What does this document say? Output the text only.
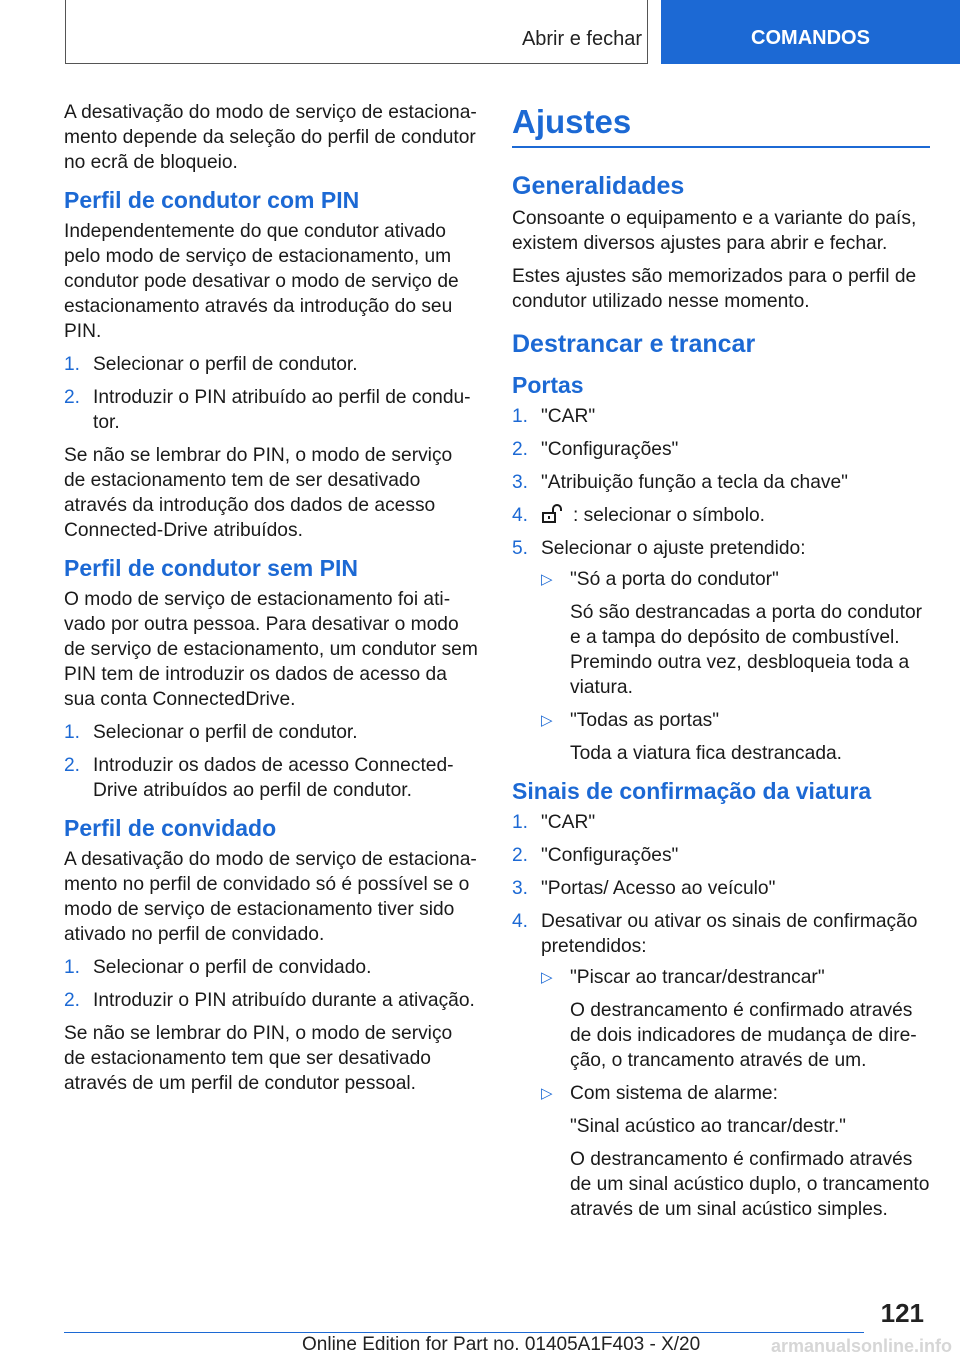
Abrir e fechar	COMANDOS

A desativação do modo de serviço de estaciona-mento depende da seleção do perfil de condutor no ecrã de bloqueio.

Perfil de condutor com PIN

Independentemente do que condutor ativado pelo modo de serviço de estacionamento, um condutor pode desativar o modo de serviço de estacionamento através da introdução do seu PIN.

1. Selecionar o perfil de condutor.
2. Introduzir o PIN atribuído ao perfil de condu-tor.

Se não se lembrar do PIN, o modo de serviço de estacionamento tem de ser desativado através da introdução dos dados de acesso Connected-Drive atribuídos.

Perfil de condutor sem PIN

O modo de serviço de estacionamento foi ati-vado por outra pessoa. Para desativar o modo de serviço de estacionamento, um condutor sem PIN tem de introduzir os dados de acesso da sua conta ConnectedDrive.

1. Selecionar o perfil de condutor.
2. Introduzir os dados de acesso Connected-Drive atribuídos ao perfil de condutor.
Perfil de convidado

A desativação do modo de serviço de estaciona-mento no perfil de convidado só é possível se o modo de serviço de estacionamento tiver sido ativado no perfil de convidado.

1. Selecionar o perfil de convidado.
2. Introduzir o PIN atribuído durante a ativação.

Se não se lembrar do PIN, o modo de serviço de estacionamento tem que ser desativado através de um perfil de condutor pessoal.

Ajustes
Generalidades

Consoante o equipamento e a variante do país, existem diversos ajustes para abrir e fechar.

Estes ajustes são memorizados para o perfil de condutor utilizado nesse momento.

Destrancar e trancar
Portas
1. "CAR"
2. "Configurações"
3. "Atribuição função a tecla da chave"
4. : selecionar o símbolo.
5. Selecionar o ajuste pretendido:
▷ "Só a porta do condutor"
Só são destrancadas a porta do condutor e a tampa do depósito de combustível. Premindo outra vez, desbloqueia toda a viatura.
▷ "Todas as portas"
Toda a viatura fica destrancada.
Sinais de confirmação da viatura
1. "CAR"
2. "Configurações"
3. "Portas/ Acesso ao veículo"
4. Desativar ou ativar os sinais de confirmação pretendidos:
▷ "Piscar ao trancar/destrancar"
O destrancamento é confirmado através de dois indicadores de mudança de dire-ção, o trancamento através de um.
▷ Com sistema de alarme:
"Sinal acústico ao trancar/destr."
O destrancamento é confirmado através de um sinal acústico duplo, o trancamento através de um sinal acústico simples.
121
Online Edition for Part no. 01405A1F403 - X/20	armanualsonline.info
